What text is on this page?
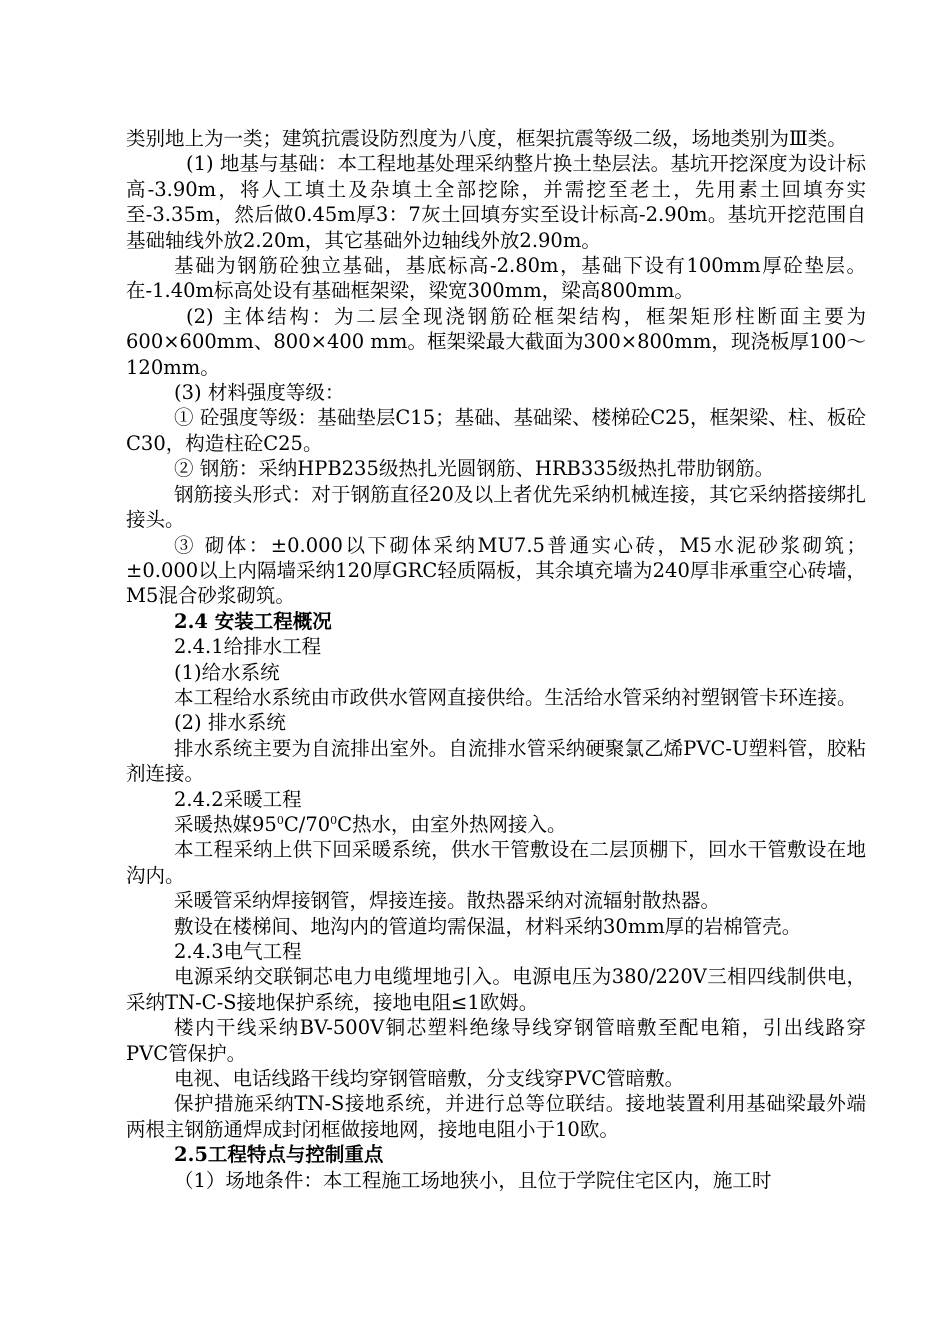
类别地上为一类；建筑抗震设防烈度为八度，框架抗震等级二级，场地类别为Ⅲ类。

(1) 地基与基础：本工程地基处理采纳整片换土垫层法。基坑开挖深度为设计标高-3.90m，将人工填土及杂填土全部挖除，并需挖至老土，先用素土回填夯实至-3.35m，然后做0.45m厚3：7灰土回填夯实至设计标高-2.90m。基坑开挖范围自基础轴线外放2.20m，其它基础外边轴线外放2.90m。

基础为钢筋砼独立基础，基底标高-2.80m，基础下设有100mm厚砼垫层。在-1.40m标高处设有基础框架梁，梁宽300mm，梁高800mm。

(2) 主体结构：为二层全现浇钢筋砼框架结构，框架矩形柱断面主要为600×600mm、800×400 mm。框架梁最大截面为300×800mm，现浇板厚100～120mm。

(3) 材料强度等级：

① 砼强度等级：基础垫层C15；基础、基础梁、楼梯砼C25，框架梁、柱、板砼C30，构造柱砼C25。

② 钢筋：采纳HPB235级热扎光圆钢筋、HRB335级热扎带肋钢筋。

钢筋接头形式：对于钢筋直径20及以上者优先采纳机械连接，其它采纳搭接绑扎接头。

③ 砌体：±0.000以下砌体采纳MU7.5普通实心砖，M5水泥砂浆砌筑；±0.000以上内隔墙采纳120厚GRC轻质隔板，其余填充墙为240厚非承重空心砖墙，M5混合砂浆砌筑。

2.4 安装工程概况

2.4.1给排水工程

(1)给水系统

本工程给水系统由市政供水管网直接供给。生活给水管采纳衬塑钢管卡环连接。

(2) 排水系统

排水系统主要为自流排出室外。自流排水管采纳硬聚氯乙烯PVC-U塑料管，胶粘剂连接。

2.4.2采暖工程

采暖热媒$95^0C/70^0C$热水，由室外热网接入。

本工程采纳上供下回采暖系统，供水干管敷设在二层顶棚下，回水干管敷设在地沟内。

采暖管采纳焊接钢管，焊接连接。散热器采纳对流辐射散热器。

敷设在楼梯间、地沟内的管道均需保温，材料采纳30mm厚的岩棉管壳。

2.4.3电气工程

电源采纳交联铜芯电力电缆埋地引入。电源电压为380/220V三相四线制供电，采纳TN-C-S接地保护系统，接地电阻≤1欧姆。

楼内干线采纳BV-500V铜芯塑料绝缘导线穿钢管暗敷至配电箱，引出线路穿PVC管保护。

电视、电话线路干线均穿钢管暗敷，分支线穿PVC管暗敷。

保护措施采纳TN-S接地系统，并进行总等位联结。接地装置利用基础梁最外端两根主钢筋通焊成封闭框做接地网，接地电阻小于10欧。

2.5工程特点与控制重点

（1）场地条件：本工程施工场地狭小，且位于学院住宅区内，施工时
